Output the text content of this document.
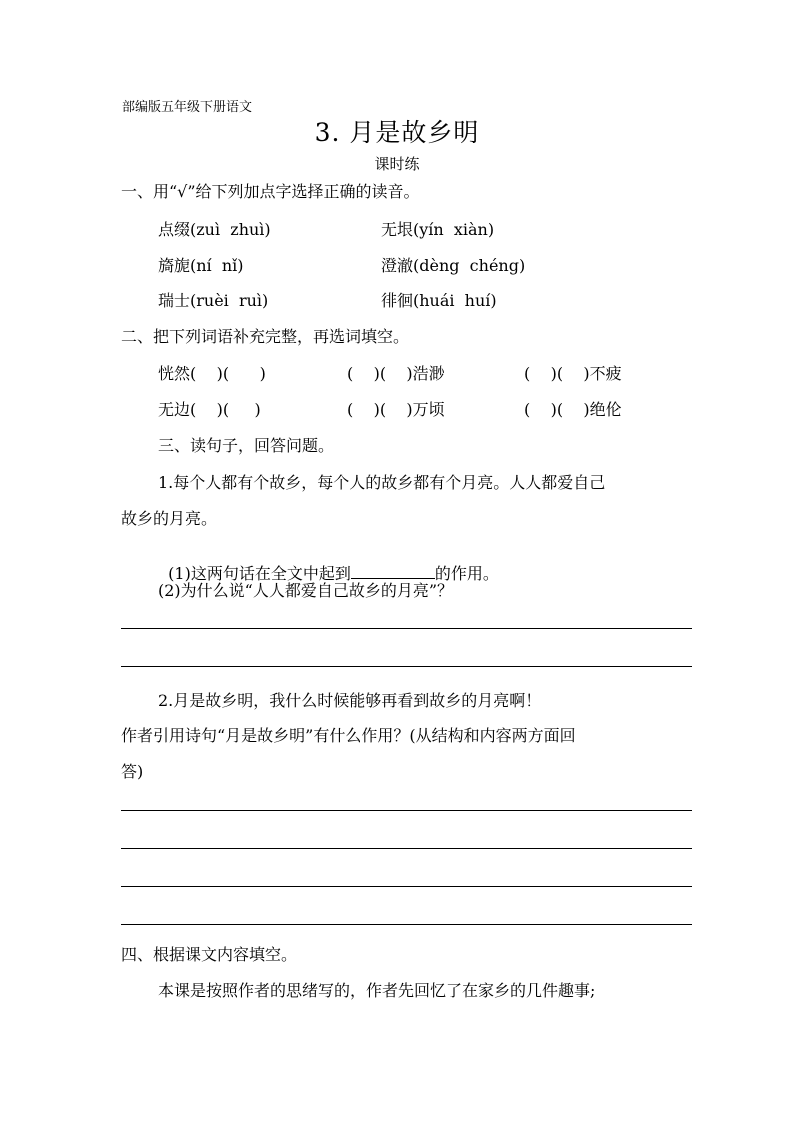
部编版五年级下册语文
3. 月是故乡明
课时练
一、用“√”给下列加点字选择正确的读音。
点缀(zuì  zhuì)	无垠(yín  xiàn)
旖旎(ní  nǐ)	澄澈(dèng  chéng)
瑞士(ruèi  ruì)	徘徊(huái  huí)
二、把下列词语补充完整，再选词填空。
恍然(    )(      )	(    )(    )浩渺	(    )(    )不疲
无边(    )(     )	(    )(    )万顷	(    )(    )绝伦
三、读句子，回答问题。
1.每个人都有个故乡，每个人的故乡都有个月亮。人人都爱自己
故乡的月亮。

(1)这两句话在全文中起到	的作用。

(2)为什么说“人人都爱自己故乡的月亮”？
2.月是故乡明，我什么时候能够再看到故乡的月亮啊！
作者引用诗句“月是故乡明”有什么作用？(从结构和内容两方面回
答)
四、根据课文内容填空。
本课是按照作者的思绪写的，作者先回忆了在家乡的几件趣事;
